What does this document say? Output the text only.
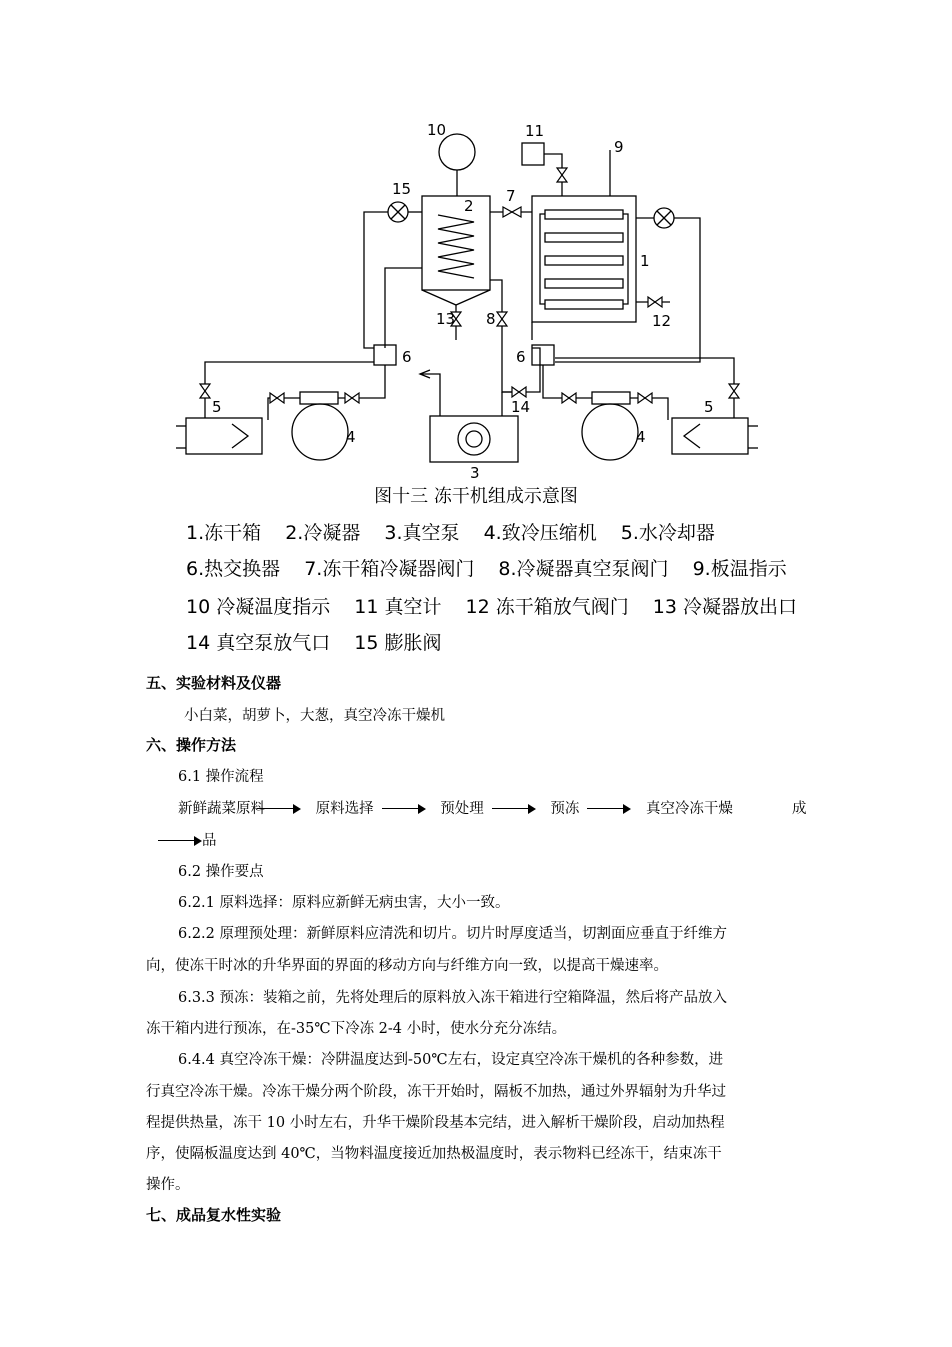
10	11
9
15
2
7
1
13 8	12
6	6
5
4
3
14
4
5
图十三 冻干机组成示意图
1.冻干箱 2.冷凝器 3.真空泵 4.致冷压缩机 5.水冷却器
6.热交换器 7.冻干箱冷凝器阀门 8.冷凝器真空泵阀门 9.板温指示
10 冷凝温度指示 11 真空计 12 冻干箱放气阀门 13 冷凝器放出口
14 真空泵放气口 15 膨胀阀
五、实验材料及仪器
小白菜，胡萝卜，大葱，真空冷冻干燥机
六、操作方法
6.1 操作流程
新鲜蔬菜原料	原料选择	预处理	预冻	真空冷冻干燥	成
品
6.2 操作要点
6.2.1 原料选择：原料应新鲜无病虫害，大小一致。
6.2.2 原理预处理：新鲜原料应清洗和切片。切片时厚度适当，切割面应垂直于纤维方
向，使冻干时冰的升华界面的界面的移动方向与纤维方向一致，以提高干燥速率。
6.3.3 预冻：装箱之前，先将处理后的原料放入冻干箱进行空箱降温，然后将产品放入
冻干箱内进行预冻，在-35℃下冷冻 2-4 小时，使水分充分冻结。
6.4.4 真空冷冻干燥：冷阱温度达到-50℃左右，设定真空冷冻干燥机的各种参数，进
行真空冷冻干燥。冷冻干燥分两个阶段，冻干开始时，隔板不加热，通过外界辐射为升华过
程提供热量，冻干 10 小时左右，升华干燥阶段基本完结，进入解析干燥阶段，启动加热程
序，使隔板温度达到 40℃，当物料温度接近加热极温度时，表示物料已经冻干，结束冻干
操作。
七、成品复水性实验
